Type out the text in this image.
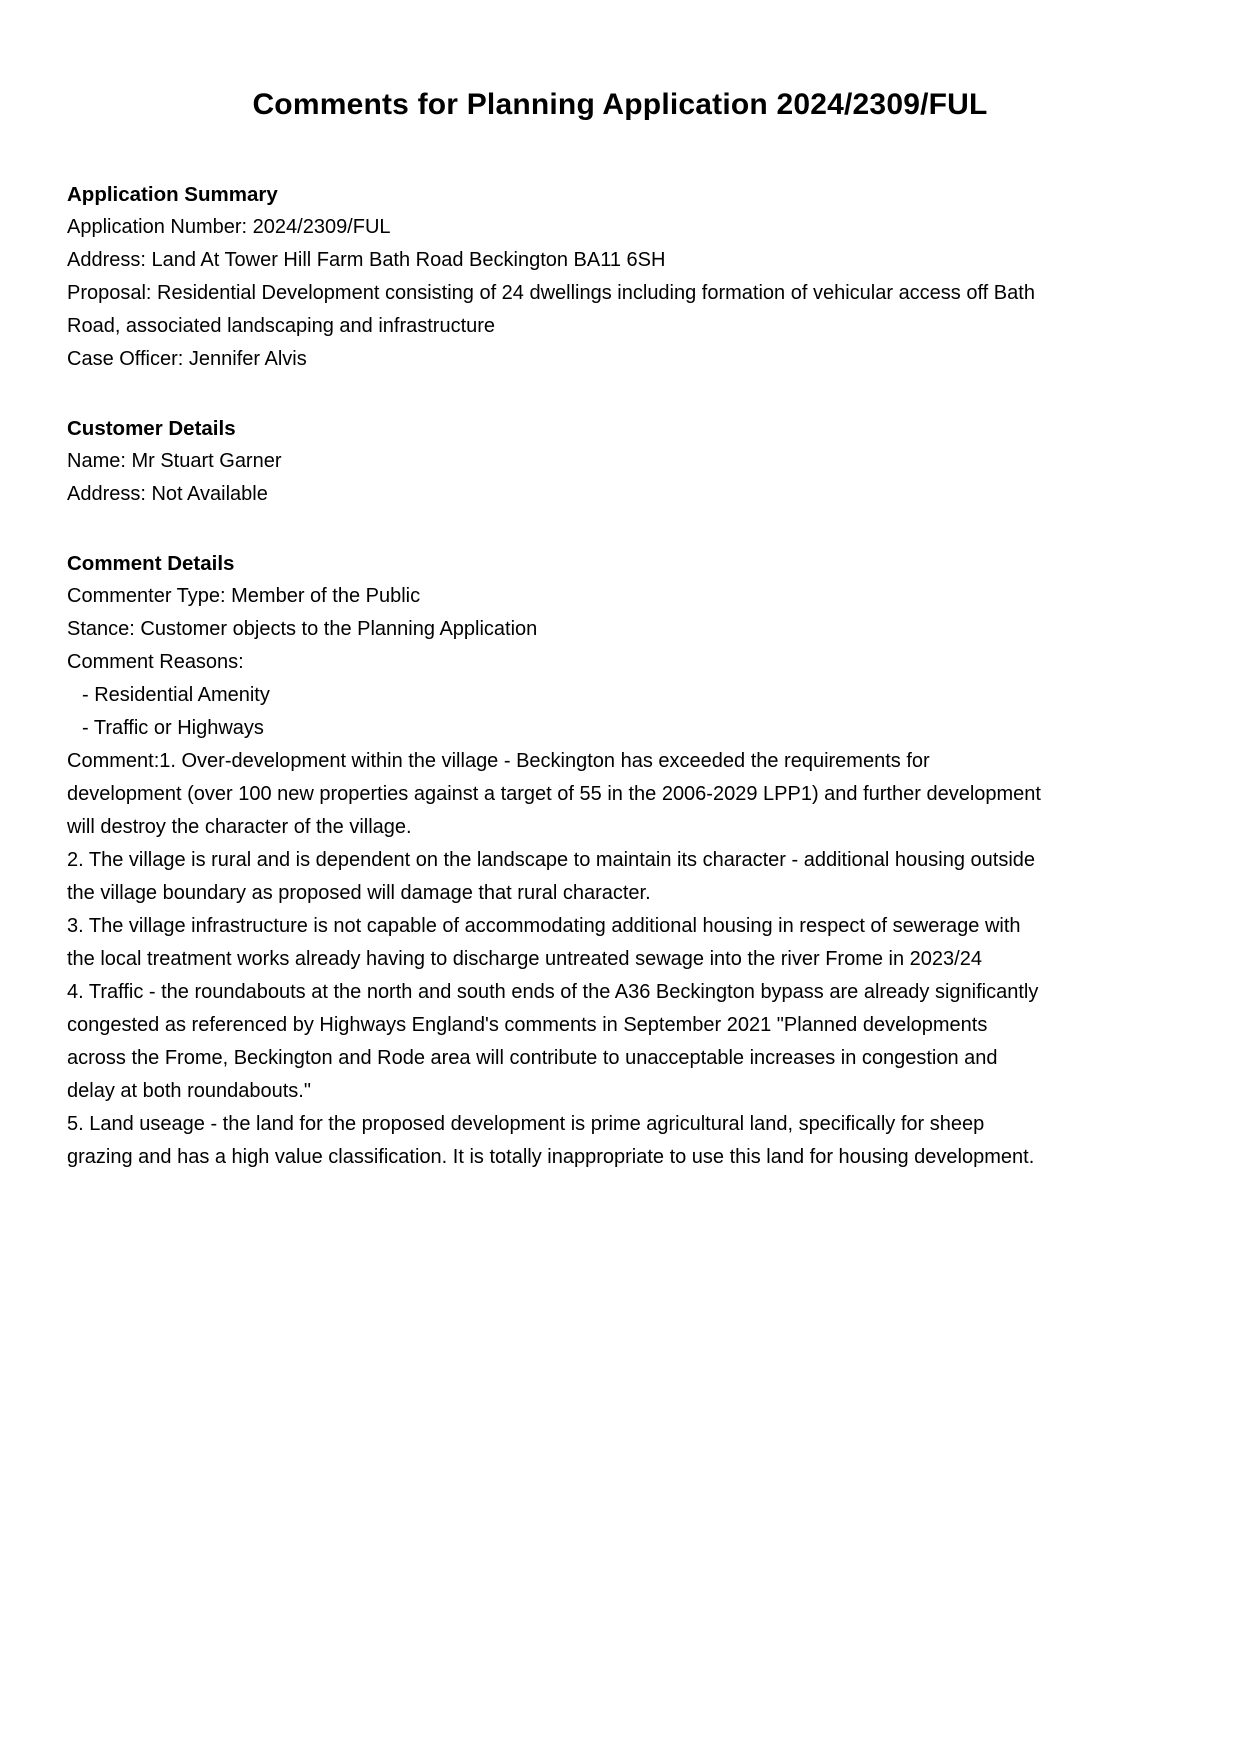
Comments for Planning Application 2024/2309/FUL

Application Summary

Application Number: 2024/2309/FUL

Address: Land At Tower Hill Farm Bath Road Beckington BA11 6SH

Proposal: Residential Development consisting of 24 dwellings including formation of vehicular access off Bath Road, associated landscaping and infrastructure

Case Officer: Jennifer Alvis

Customer Details

Name: Mr Stuart Garner

Address: Not Available

Comment Details

Commenter Type: Member of the Public

Stance: Customer objects to the Planning Application

Comment Reasons:

- Residential Amenity

- Traffic or Highways

Comment:1. Over-development within the village - Beckington has exceeded the requirements for development (over 100 new properties against a target of 55 in the 2006-2029 LPP1) and further development will destroy the character of the village.

2. The village is rural and is dependent on the landscape to maintain its character - additional housing outside the village boundary as proposed will damage that rural character.

3. The village infrastructure is not capable of accommodating additional housing in respect of sewerage with the local treatment works already having to discharge untreated sewage into the river Frome in 2023/24

4. Traffic - the roundabouts at the north and south ends of the A36 Beckington bypass are already significantly congested as referenced by Highways England's comments in September 2021 "Planned developments across the Frome, Beckington and Rode area will contribute to unacceptable increases in congestion and delay at both roundabouts."

5. Land useage - the land for the proposed development is prime agricultural land, specifically for sheep grazing and has a high value classification. It is totally inappropriate to use this land for housing development.
